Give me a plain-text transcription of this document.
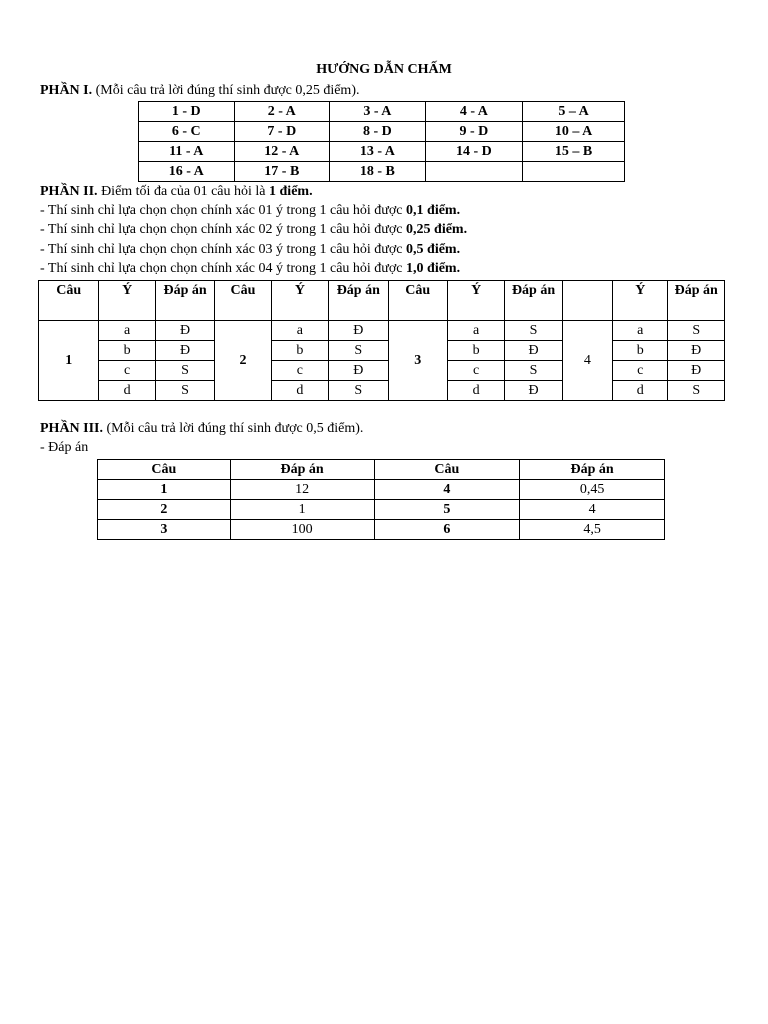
HƯỚNG DẪN CHẤM
PHẦN I. (Mỗi câu trả lời đúng thí sinh được 0,25 điểm).
1 - D	2 - A	3 - A	4 - A	5 – A
6 - C	7 - D	8 - D	9 - D	10 – A
11 - A	12 - A	13 - A	14 - D	15 – B
16 - A	17 - B	18 - B		
PHẦN II. Điểm tối đa của 01 câu hỏi là 1 điểm.
- Thí sinh chỉ lựa chọn chọn chính xác 01 ý trong 1 câu hỏi được 0,1 điểm.
- Thí sinh chỉ lựa chọn chọn chính xác 02 ý trong 1 câu hỏi được 0,25 điểm.
- Thí sinh chỉ lựa chọn chọn chính xác 03 ý trong 1 câu hỏi được 0,5 điểm.
- Thí sinh chỉ lựa chọn chọn chính xác 04 ý trong 1 câu hỏi được 1,0 điểm.
Câu	Ý	Đáp án	Câu	Ý	Đáp án	Câu	Ý	Đáp án		Ý	Đáp án
1	a	Đ	2	a	Đ	3	a	S	4	a	S
	b	Đ		b	S		b	Đ		b	Đ
	c	S		c	Đ		c	S		c	Đ
	d	S		d	S		d	Đ		d	S
PHẦN III. (Mỗi câu trả lời đúng thí sinh được 0,5 điểm).
- Đáp án
Câu	Đáp án	Câu	Đáp án
1	12	4	0,45
2	1	5	4
3	100	6	4,5
